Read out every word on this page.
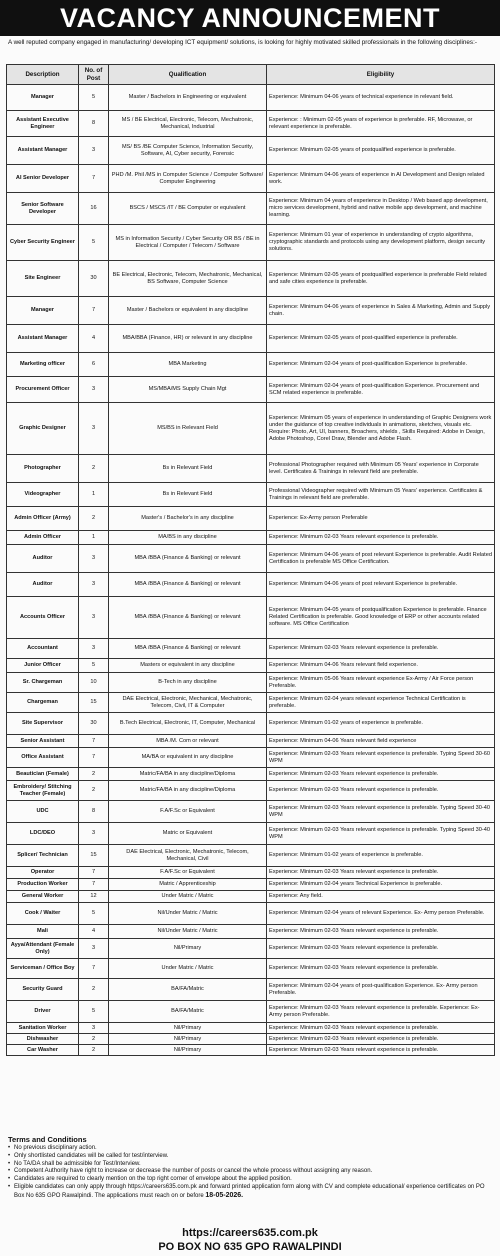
VACANCY ANNOUNCEMENT
A well reputed company engaged in manufacturing/ developing ICT equipment/ solutions, is looking for highly motivated skilled professionals in the following disciplines:-
Description	No. of Post	Qualification	Eligibility
Manager	5	Master / Bachelors in Engineering or equivalent	Experience: Minimum 04-06 years of technical experience in relevant field.
Assistant Executive Engineer	8	MS / BE Electrical, Electronic, Telecom, Mechatronic, Mechanical, Industrial	Experience: : Minimum 02-05 years of experience is preferable. RF, Microwave, or relevant experience is preferable.
Assistant Manager	3	MS/ BS /BE Computer Science, Information Security, Software, AI, Cyber security, Forensic	Experience: Minimum 02-05 years of postqualified experience is preferable.
AI Senior Developer	7	PHD /M. Phil /MS in Computer Science / Computer Software/ Computer Engineering	Experience: Minimum 04-06 years of experience in AI Development and Design related work.
Senior Software Developer	16	BSCS / MSCS /IT / BE Computer or equivalent	Experience: Minimum 04 years of experience in Desktop / Web based app development, micro services development, hybrid and native mobile app development, and machine learning.
Cyber Security Engineer	5	MS in Information Security / Cyber Security OR BS / BE in Electrical / Computer / Telecom / Software	Experience: Minimum 01 year of experience in understanding of crypto algorithms, cryptographic standards and protocols using any development platform, design security solutions.
Site Engineer	30	BE Electrical, Electronic, Telecom, Mechatronic, Mechanical, BS Software, Computer Science	Experience: Minimum 02-05 years of postqualified experience is preferable Field related and safe cities experience is preferable.
Manager	7	Master / Bachelors or equivalent in any discipline	Experience: Minimum 04-06 years of experience in Sales & Marketing, Admin and Supply chain.
Assistant Manager	4	MBA/BBA (Finance, HR) or relevant in any discipline	Experience: Minimum 02-05 years of post-qualified experience is preferable.
Marketing officer	6	MBA Marketing	Experience: Minimum 02-04 years of post-qualification Experience is preferable.
Procurement Officer	3	MS/MBA/MS Supply Chain Mgt	Experience: Minimum 02-04 years of post-qualification Experience. Procurement and SCM related experience is preferable.
Graphic Designer	3	MS/BS in Relevant Field	Experience: Minimum 05 years of experience in understanding of Graphic Designers work under the guidance of top creative individuals in animations, sketches, visuals etc. Require: Photo, Art, UI, banners, Broachers, shields , Skills Required: Adobe in Design, Adobe Photoshop, Corel Draw, Blender and Adobe Flash.
Photographer	2	Bs in Relevant Field	Professional Photographer required with Minimum 05 Years' experience in Corporate level. Certificates & Trainings in relevant field are preferable.
Videographer	1	Bs in Relevant Field	Professional Videographer required with Minimum 05 Years' experience. Certificates & Trainings in relevant field are preferable.
Admin Officer (Army)	2	Master's / Bachelor's in any discipline	Experience: Ex-Army person Preferable
Admin Officer	1	MA/BS in any discipline	Experience: Minimum 02-03 Years relevant experience is preferable.
Auditor	3	MBA /BBA (Finance & Banking) or relevant	Experience: Minimum 04-06 years of post relevant Experience is preferable. Audit Related Certification is preferable MS Office Certification.
Auditor	3	MBA /BBA (Finance & Banking) or relevant	Experience: Minimum 04-06 years of post relevant Experience is preferable.
Accounts Officer	3	MBA /BBA (Finance & Banking) or relevant	Experience: Minimum 04-05 years of postqualification Experience is preferable. Finance Related Certification is preferable. Good knowledge of ERP or other accounts related software. MS Office Certification
Accountant	3	MBA /BBA (Finance & Banking) or relevant	Experience: Minimum 02-03 Years relevant experience is preferable.
Junior Officer	5	Masters or equivalent in any discipline	Experience: Minimum 04-06 Years relevant field experience.
Sr. Chargeman	10	B-Tech in any discipline	Experience: Minimum 05-06 Years relevant experience Ex-Army / Air Force person Preferable.
Chargeman	15	DAE Electrical, Electronic, Mechanical, Mechatronic, Telecom, Civil, IT & Computer	Experience: Minimum 02-04 years relevant experience Technical Certification is preferable.
Site Supervisor	30	B.Tech Electrical, Electronic, IT, Computer, Mechanical	Experience: Minimum 01-02 years of experience is preferable.
Senior Assistant	7	MBA /M. Com or relevant	Experience: Minimum 04-06 Years relevant field experience
Office Assistant	7	MA/BA or equivalent in any discipline	Experience: Minimum 02-03 Years relevant experience is preferable. Typing Speed 30-60 WPM
Beautician (Female)	2	Matric/FA/BA in any discipline/Diploma	Experience: Minimum 02-03 Years relevant experience is preferable.
Embroidery/ Stitching Teacher (Female)	2	Matric/FA/BA in any discipline/Diploma	Experience: Minimum 02-03 Years relevant experience is preferable.
UDC	8	F.A/F.Sc or Equivalent	Experience: Minimum 02-03 Years relevant experience is preferable. Typing Speed 30-40 WPM
LDC/DEO	3	Matric or Equivalent	Experience: Minimum 02-03 Years relevant experience is preferable. Typing Speed 30-40 WPM
Splicer/ Technician	15	DAE Electrical, Electronic, Mechatronic, Telecom, Mechanical, Civil	Experience: Minimum 01-02 years of experience is preferable.
Operator	7	F.A/F.Sc or Equivalent	Experience: Minimum 02-03 Years relevant experience is preferable.
Production Worker	7	Matric / Apprenticeship	Experience: Minimum 02-04 years Technical Experience is preferable.
General Worker	12	Under Matric / Matric	Experience: Any field.
Cook / Waiter	5	Nil/Under Matric / Matric	Experience: Minimum 02-04 years of relevant Experience. Ex- Army person Preferable.
Mali	4	Nil/Under Matric / Matric	Experience: Minimum 02-03 Years relevant experience is preferable.
Ayya/Attendant (Female Only)	3	Nil/Primary	Experience: Minimum 02-03 Years relevant experience is preferable.
Serviceman / Office Boy	7	Under Matric / Matric	Experience: Minimum 02-03 Years relevant experience is preferable.
Security Guard	2	BA/FA/Matric	Experience: Minimum 02-04 years of post-qualification Experience. Ex- Army person Preferable.
Driver	5	BA/FA/Matric	Experience: Minimum 02-03 Years relevant experience is preferable. Experience: Ex- Army person Preferable.
Sanitation Worker	3	Nil/Primary	Experience: Minimum 02-03 Years relevant experience is preferable.
Dishwasher	2	Nil/Primary	Experience: Minimum 02-03 Years relevant experience is preferable.
Car Washer	2	Nil/Primary	Experience: Minimum 02-03 Years relevant experience is preferable.
Terms and Conditions
• No previous disciplinary action.
• Only shortlisted candidates will be called for test/interview.
• No TA/DA shall be admissible for Test/Interview.
• Competent Authority have right to increase or decrease the number of posts or cancel the whole process without assigning any reason.
• Candidates are required to clearly mention on the top right corner of envelope about the applied position.
• Eligible candidates can only apply through https://careers635.com.pk and forward printed application form along with CV and complete educational/ experience certificates on PO Box No 635 GPO Rawalpindi. The applications must reach on or before 18-05-2026.
https://careers635.com.pk
PO BOX NO 635 GPO RAWALPINDI
